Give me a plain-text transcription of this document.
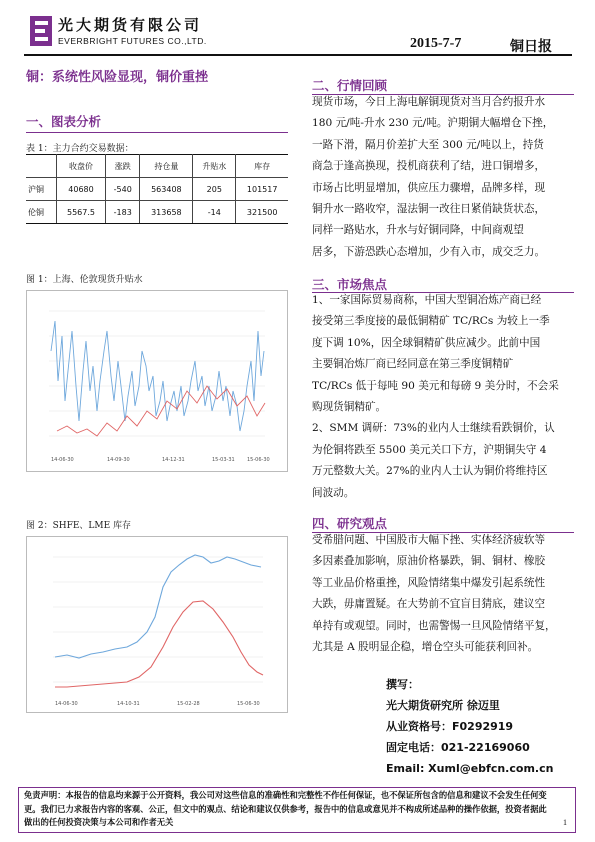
光大期货有限公司
EVERBRIGHT FUTURES CO.,LTD.	2015-7-7	铜日报
铜：系统性风险显现，铜价重挫
一、图表分析
表 1：主力合约交易数据：
	收盘价	涨跌	持仓量	升贴水	库存
沪铜	40680	-540	563408	205	101517
伦铜	5567.5	-183	313658	-14	321500
图 1：上海、伦敦现货升贴水
14-06-30	14-09-30	14-12-31	15-03-31 15-06-30
图 2：SHFE、LME 库存
14-06-30	14-10-31	15-02-28	15-06-30
二、行情回顾
现货市场，今日上海电解铜现货对当月合约报升水
180 元/吨-升水 230 元/吨。沪期铜大幅增仓下挫，
一路下滑，隔月价差扩大至 300 元/吨以上，持货
商急于逢高换现，投机商获利了结，进口铜增多，
市场占比明显增加，供应压力骤增，品牌多样，现
铜升水一路收窄，湿法铜一改往日紧俏缺货状态，
同样一路贴水，升水与好铜同降，中间商观望
居多，下游恐跌心态增加，少有入市，成交乏力。
三、市场焦点
1、一家国际贸易商称，中国大型铜冶炼产商已经
接受第三季度接的最低铜精矿 TC/RCs 为较上一季
度下调 10%，因全球铜精矿供应减少。此前中国
主要铜冶炼厂商已经同意在第三季度铜精矿
TC/RCs 低于每吨 90 美元和每磅 9 美分时，不会采
购现货铜精矿。
2、SMM 调研：73%的业内人士继续看跌铜价，认
为伦铜将跌至 5500 美元关口下方，沪期铜失守 4
万元整数大关。27%的业内人士认为铜价将维持区
间波动。
四、研究观点
受希腊问题、中国股市大幅下挫、实体经济疲软等
多因素叠加影响，原油价格暴跌，铜、铜材、橡胶
等工业品价格重挫，风险情绪集中爆发引起系统性
大跌，毋庸置疑。在大势前不宜盲目猜底，建议空
单持有或观望。同时，也需警惕一旦风险情绪平复，
尤其是 A 股明显企稳，增仓空头可能获利回补。
撰写：
光大期货研究所 徐迈里
从业资格号：F0292919
固定电话：021-22169060
Email: Xuml@ebfcn.com.cn
免责声明：本报告的信息均来源于公开资料，我公司对这些信息的准确性和完整性不作任何保证，也不保证所包含的信息和建议不会发生任何变更。我们已力求报告内容的客观、公正，但文中的观点、结论和建议仅供参考，报告中的信息或意见并不构成所述品种的操作依据，投资者据此做出的任何投资决策与本公司和作者无关	1
